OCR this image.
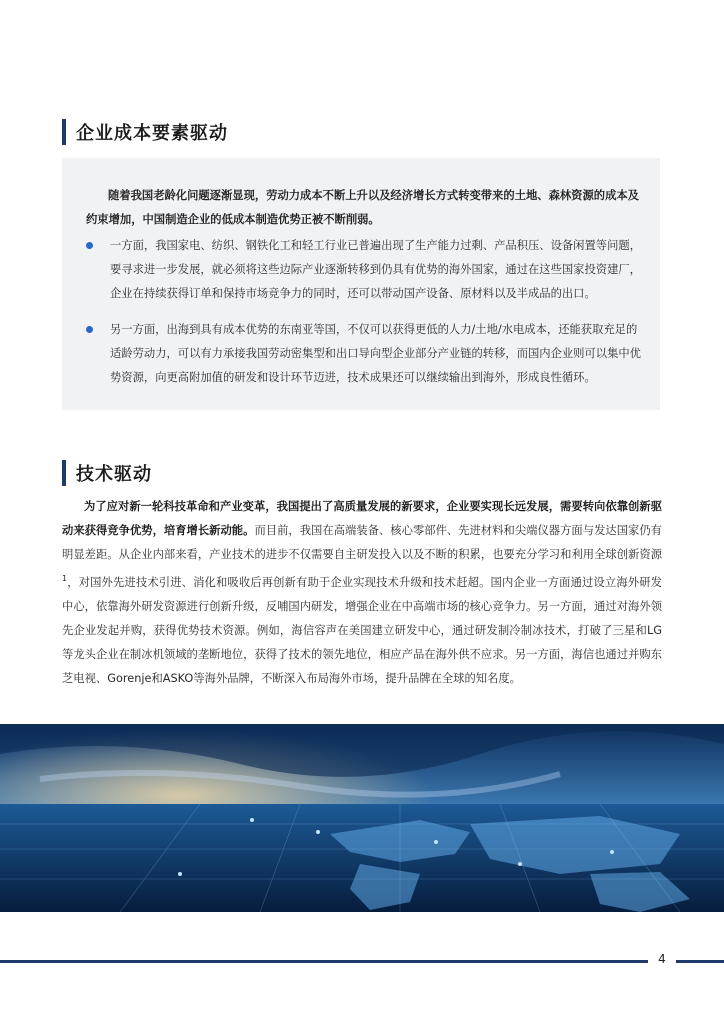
企业成本要素驱动
随着我国老龄化问题逐渐显现，劳动力成本不断上升以及经济增长方式转变带来的土地、森林资源的成本及约束增加，中国制造企业的低成本制造优势正被不断削弱。
一方面，我国家电、纺织、钢铁化工和轻工行业已普遍出现了生产能力过剩、产品积压、设备闲置等问题，要寻求进一步发展，就必须将这些边际产业逐渐转移到仍具有优势的海外国家，通过在这些国家投资建厂，企业在持续获得订单和保持市场竞争力的同时，还可以带动国产设备、原材料以及半成品的出口。
另一方面，出海到具有成本优势的东南亚等国，不仅可以获得更低的人力/土地/水电成本，还能获取充足的适龄劳动力，可以有力承接我国劳动密集型和出口导向型企业部分产业链的转移，而国内企业则可以集中优势资源，向更高附加值的研发和设计环节迈进，技术成果还可以继续输出到海外，形成良性循环。
技术驱动
为了应对新一轮科技革命和产业变革，我国提出了高质量发展的新要求，企业要实现长远发展，需要转向依靠创新驱动来获得竞争优势，培育增长新动能。而目前，我国在高端装备、核心零部件、先进材料和尖端仪器方面与发达国家仍有明显差距。从企业内部来看，产业技术的进步不仅需要自主研发投入以及不断的积累，也要充分学习和利用全球创新资源$^1$，对国外先进技术引进、消化和吸收后再创新有助于企业实现技术升级和技术赶超。国内企业一方面通过设立海外研发中心，依靠海外研发资源进行创新升级，反哺国内研发，增强企业在中高端市场的核心竞争力。另一方面，通过对海外领先企业发起并购，获得优势技术资源。例如，海信容声在美国建立研发中心，通过研发制冷制冰技术，打破了三星和LG等龙头企业在制冰机领域的垄断地位，获得了技术的领先地位，相应产品在海外供不应求。另一方面，海信也通过并购东芝电视、Gorenje和ASKO等海外品牌，不断深入布局海外市场，提升品牌在全球的知名度。
4
